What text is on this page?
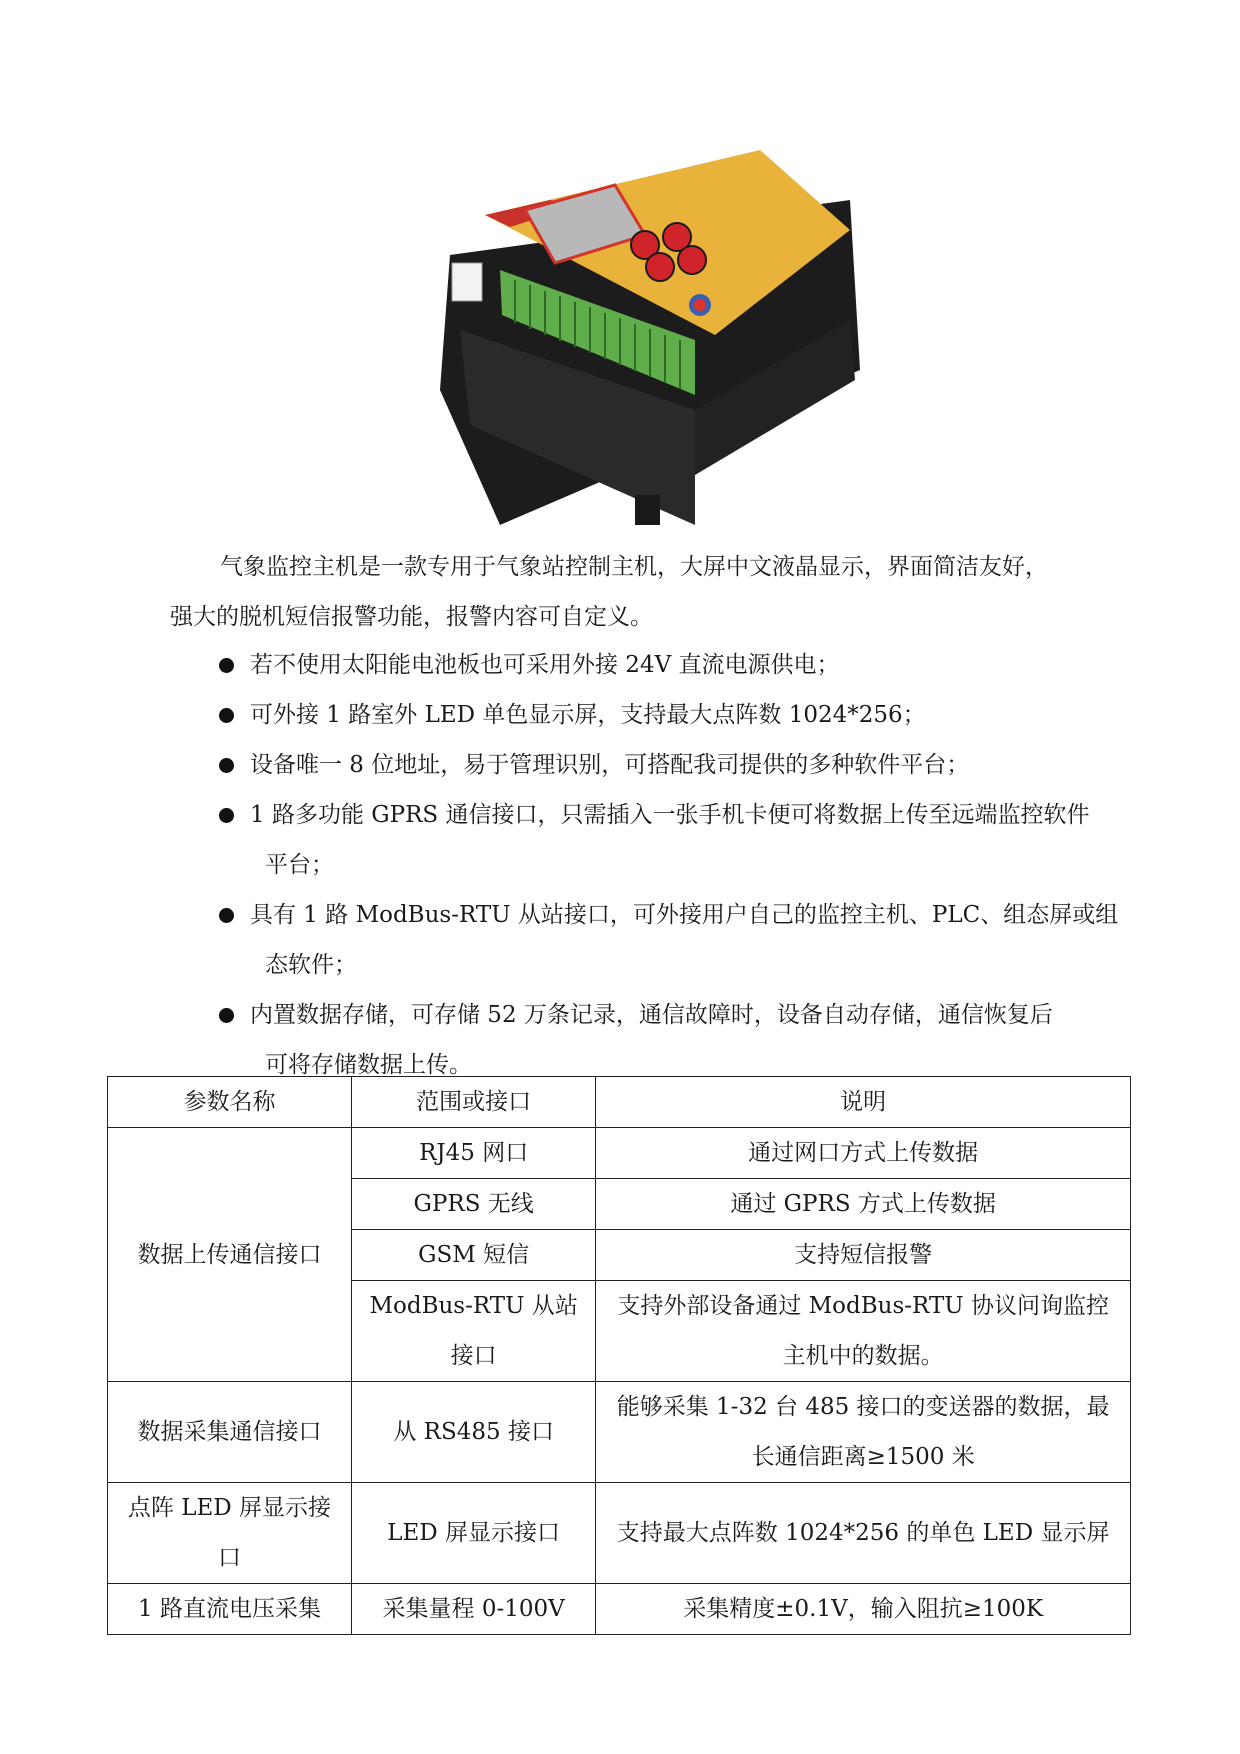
气象监控主机是一款专用于气象站控制主机，大屏中文液晶显示，界面简洁友好，
强大的脱机短信报警功能，报警内容可自定义。

若不使用太阳能电池板也可采用外接 24V 直流电源供电；
可外接 1 路室外 LED 单色显示屏，支持最大点阵数 1024*256；
设备唯一 8 位地址，易于管理识别，可搭配我司提供的多种软件平台；
1 路多功能 GPRS 通信接口，只需插入一张手机卡便可将数据上传至远端监控软件
平台；
具有 1 路 ModBus-RTU 从站接口，可外接用户自己的监控主机、PLC、组态屏或组
态软件；
内置数据存储，可存储 52 万条记录，通信故障时，设备自动存储，通信恢复后
可将存储数据上传。
参数名称	范围或接口	说明
数据上传通信接口	RJ45 网口	通过网口方式上传数据
	GPRS 无线	通过 GPRS 方式上传数据
	GSM 短信	支持短信报警
	ModBus-RTU 从站接口	支持外部设备通过 ModBus-RTU 协议问询监控主机中的数据。
数据采集通信接口	从 RS485 接口	能够采集 1-32 台 485 接口的变送器的数据，最长通信距离≥1500 米
点阵 LED 屏显示接口	LED 屏显示接口	支持最大点阵数 1024*256 的单色 LED 显示屏
1 路直流电压采集	采集量程 0-100V	采集精度±0.1V，输入阻抗≥100K
